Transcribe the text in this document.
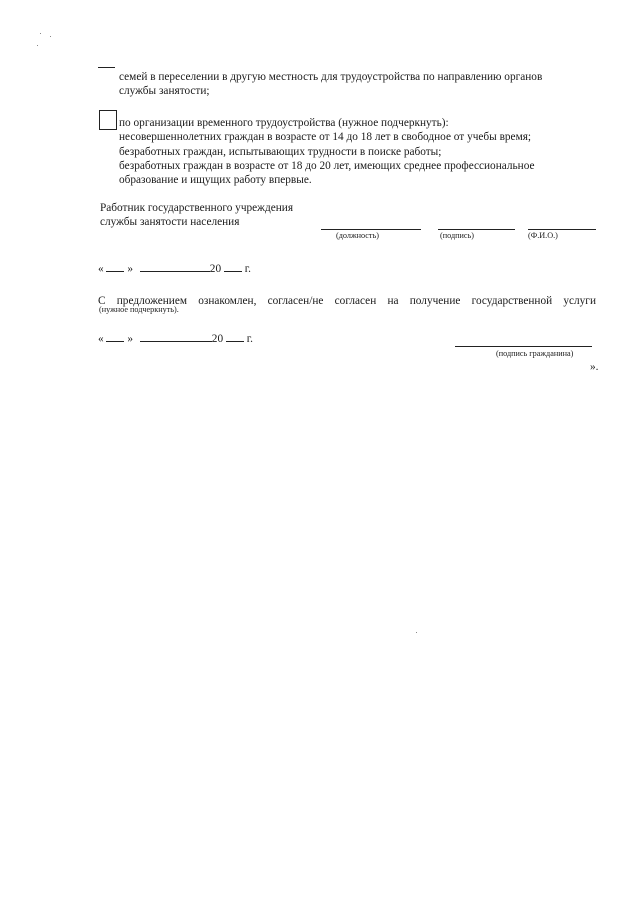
семей в переселении в другую местность для трудоустройства по направлению органов
службы занятости;
по организации временного трудоустройства (нужное подчеркнуть):
несовершеннолетних граждан в возрасте от 14 до 18 лет в свободное от учебы время;
безработных граждан, испытывающих трудности в поиске работы;
безработных граждан в возрасте от 18 до 20 лет, имеющих среднее профессиональное
образование и ищущих работу впервые.
Работник государственного учреждения
службы занятости населения
(должность)	(подпись)	(Ф.И.О.)
« »	20 г.
С предложением ознакомлен, согласен/не согласен на получение государственной услуги
(нужное подчеркнуть).
« »	20 г.
(подпись гражданина)
».
